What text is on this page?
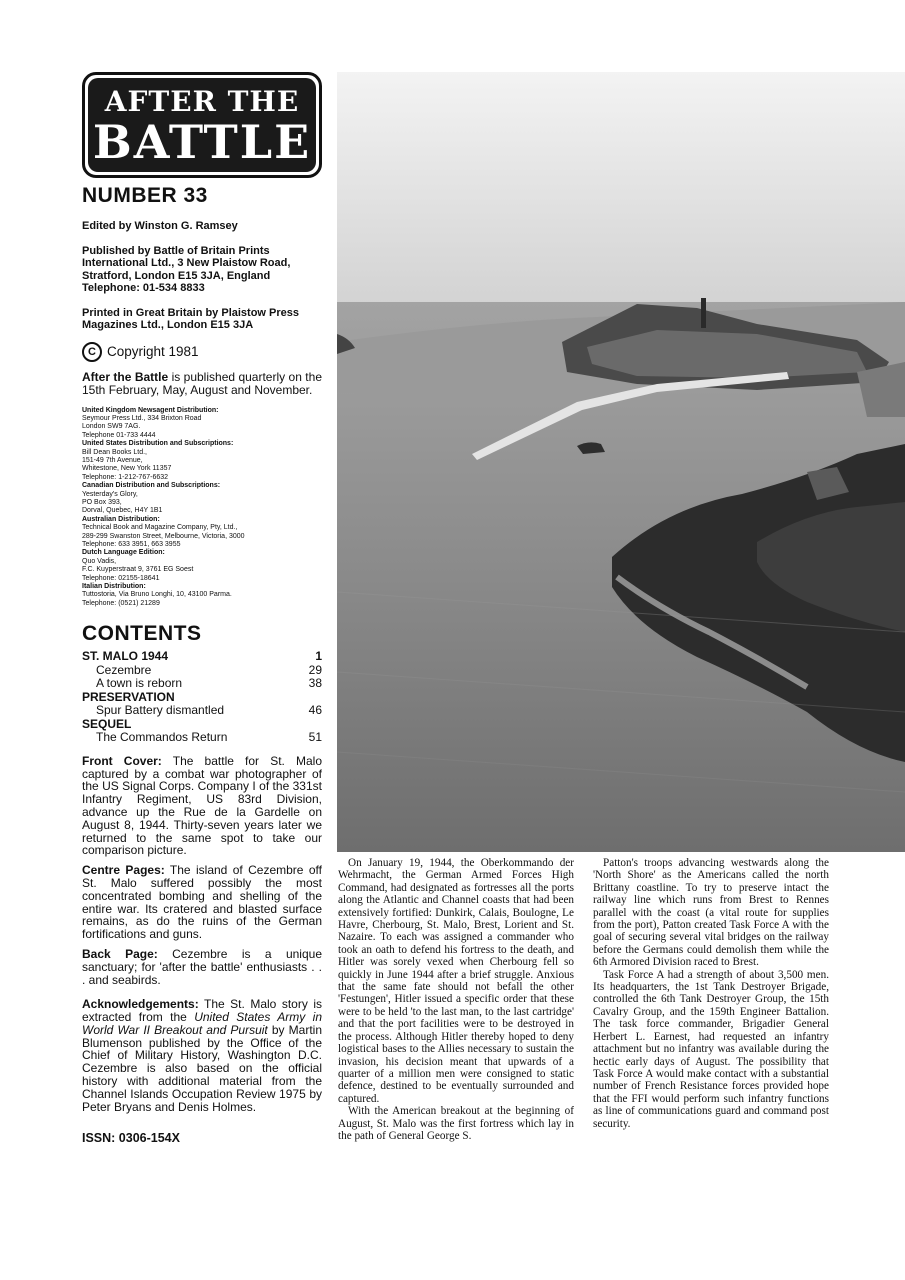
AFTER THE
BATTLE
NUMBER 33
Edited by Winston G. Ramsey
Published by Battle of Britain Prints International Ltd., 3 New Plaistow Road, Stratford, London E15 3JA, England Telephone: 01-534 8833
Printed in Great Britain by Plaistow Press Magazines Ltd., London E15 3JA
C Copyright 1981
After the Battle is published quarterly on the 15th February, May, August and November.
United Kingdom Newsagent Distribution:
Seymour Press Ltd., 334 Brixton Road
London SW9 7AG.
Telephone 01-733 4444
United States Distribution and Subscriptions:
Bill Dean Books Ltd.,
151-49 7th Avenue,
Whitestone, New York 11357
Telephone: 1-212-767-6632
Canadian Distribution and Subscriptions:
Yesterday's Glory,
PO Box 393,
Dorval, Quebec, H4Y 1B1
Australian Distribution:
Technical Book and Magazine Company, Pty, Ltd.,
289-299 Swanston Street, Melbourne, Victoria, 3000
Telephone: 633 3951, 663 3955
Dutch Language Edition:
Quo Vadis,
F.C. Kuyperstraat 9, 3761 EG Soest
Telephone: 02155-18641
Italian Distribution:
Tuttostoria, Via Bruno Longhi, 10, 43100 Parma.
Telephone: (0521) 21289
CONTENTS
ST. MALO 1944	1
Cezembre	29
A town is reborn	38
PRESERVATION
Spur Battery dismantled	46
SEQUEL
The Commandos Return	51

Front Cover: The battle for St. Malo captured by a combat war photographer of the US Signal Corps. Company I of the 331st Infantry Regiment, US 83rd Division, advance up the Rue de la Gardelle on August 8, 1944. Thirty-seven years later we returned to the same spot to take our comparison picture.

Centre Pages: The island of Cezembre off St. Malo suffered possibly the most concentrated bombing and shelling of the entire war. Its cratered and blasted surface remains, as do the ruins of the German fortifications and guns.

Back Page: Cezembre is a unique sanctuary; for 'after the battle' enthusiasts . . . and seabirds.

Acknowledgements: The St. Malo story is extracted from the United States Army in World War II Breakout and Pursuit by Martin Blumenson published by the Office of the Chief of Military History, Washington D.C. Cezembre is also based on the official history with additional material from the Channel Islands Occupation Review 1975 by Peter Bryans and Denis Holmes.
ISSN: 0306-154X

On January 19, 1944, the Oberkommando der Wehrmacht, the German Armed Forces High Command, had designated as fortresses all the ports along the Atlantic and Channel coasts that had been extensively fortified: Dunkirk, Calais, Boulogne, Le Havre, Cherbourg, St. Malo, Brest, Lorient and St. Nazaire. To each was assigned a commander who took an oath to defend his fortress to the death, and Hitler was sorely vexed when Cherbourg fell so quickly in June 1944 after a brief struggle. Anxious that the same fate should not befall the other 'Festungen', Hitler issued a specific order that these were to be held 'to the last man, to the last cartridge' and that the port facilities were to be destroyed in the process. Although Hitler thereby hoped to deny logistical bases to the Allies necessary to sustain the invasion, his decision meant that upwards of a quarter of a million men were consigned to static defence, destined to be eventually surrounded and captured.

With the American breakout at the beginning of August, St. Malo was the first fortress which lay in the path of General George S.

Patton's troops advancing westwards along the 'North Shore' as the Americans called the north Brittany coastline. To try to preserve intact the railway line which runs from Brest to Rennes parallel with the coast (a vital route for supplies from the port), Patton created Task Force A with the goal of securing several vital bridges on the railway before the Germans could demolish them while the 6th Armored Division raced to Brest.

Task Force A had a strength of about 3,500 men. Its headquarters, the 1st Tank Destroyer Brigade, controlled the 6th Tank Destroyer Group, the 15th Cavalry Group, and the 159th Engineer Battalion. The task force commander, Brigadier General Herbert L. Earnest, had requested an infantry attachment but no infantry was available during the hectic early days of August. The possibility that Task Force A would make contact with a substantial number of French Resistance forces provided hope that the FFI would perform such infantry functions as line of communications guard and command post security.
